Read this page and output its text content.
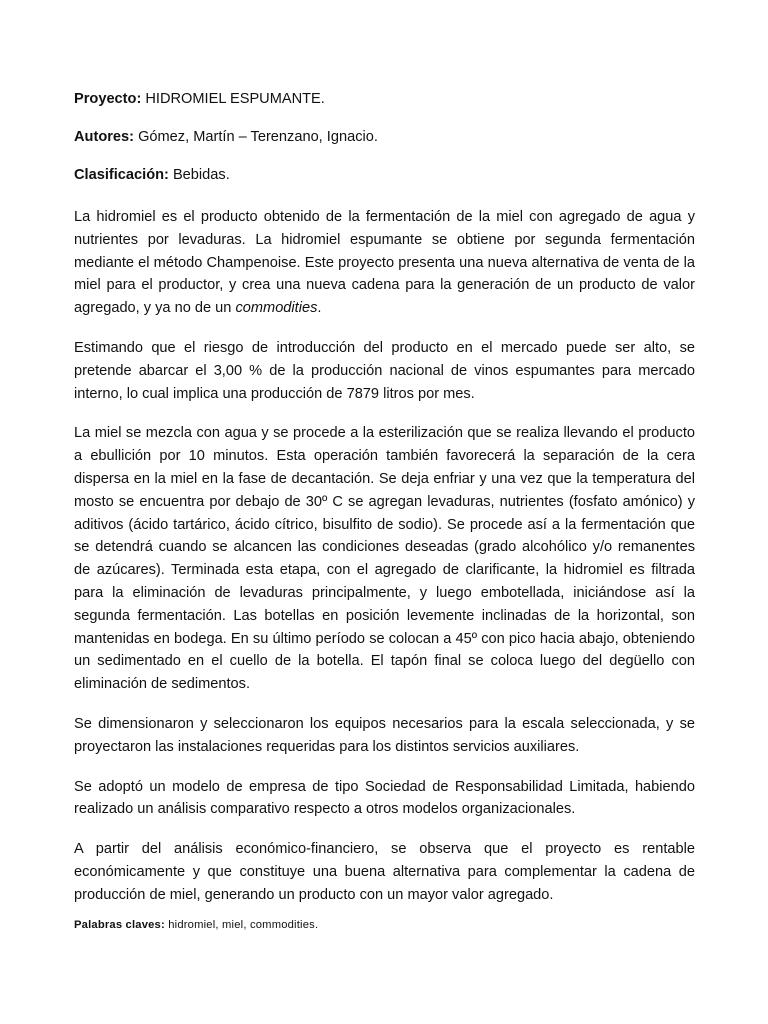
Proyecto: HIDROMIEL ESPUMANTE.

Autores: Gómez, Martín – Terenzano, Ignacio.

Clasificación: Bebidas.

La hidromiel es el producto obtenido de la fermentación de la miel con agregado de agua y nutrientes por levaduras. La hidromiel espumante se obtiene por segunda fermentación mediante el método Champenoise. Este proyecto presenta una nueva alternativa de venta de la miel para el productor, y crea una nueva cadena para la generación de un producto de valor agregado, y ya no de un commodities.

Estimando que el riesgo de introducción del producto en el mercado puede ser alto, se pretende abarcar el 3,00 % de la producción nacional de vinos espumantes para mercado interno, lo cual implica una producción de 7879 litros por mes.

La miel se mezcla con agua y se procede a la esterilización que se realiza llevando el producto a ebullición por 10 minutos. Esta operación también favorecerá la separación de la cera dispersa en la miel en la fase de decantación. Se deja enfriar y una vez que la temperatura del mosto se encuentra por debajo de 30º C se agregan levaduras, nutrientes (fosfato amónico) y aditivos (ácido tartárico, ácido cítrico, bisulfito de sodio). Se procede así a la fermentación que se detendrá cuando se alcancen las condiciones deseadas (grado alcohólico y/o remanentes de azúcares). Terminada esta etapa, con el agregado de clarificante, la hidromiel es filtrada para la eliminación de levaduras principalmente, y luego embotellada, iniciándose así la segunda fermentación. Las botellas en posición levemente inclinadas de la horizontal, son mantenidas en bodega. En su último período se colocan a 45º con pico hacia abajo, obteniendo un sedimentado en el cuello de la botella. El tapón final se coloca luego del degüello con eliminación de sedimentos.

Se dimensionaron y seleccionaron los equipos necesarios para la escala seleccionada, y se proyectaron las instalaciones requeridas para los distintos servicios auxiliares.

Se adoptó un modelo de empresa de tipo Sociedad de Responsabilidad Limitada, habiendo realizado un análisis comparativo respecto a otros modelos organizacionales.

A partir del análisis económico-financiero, se observa que el proyecto es rentable económicamente y que constituye una buena alternativa para complementar la cadena de producción de miel, generando un producto con un mayor valor agregado.

Palabras claves: hidromiel, miel, commodities.
